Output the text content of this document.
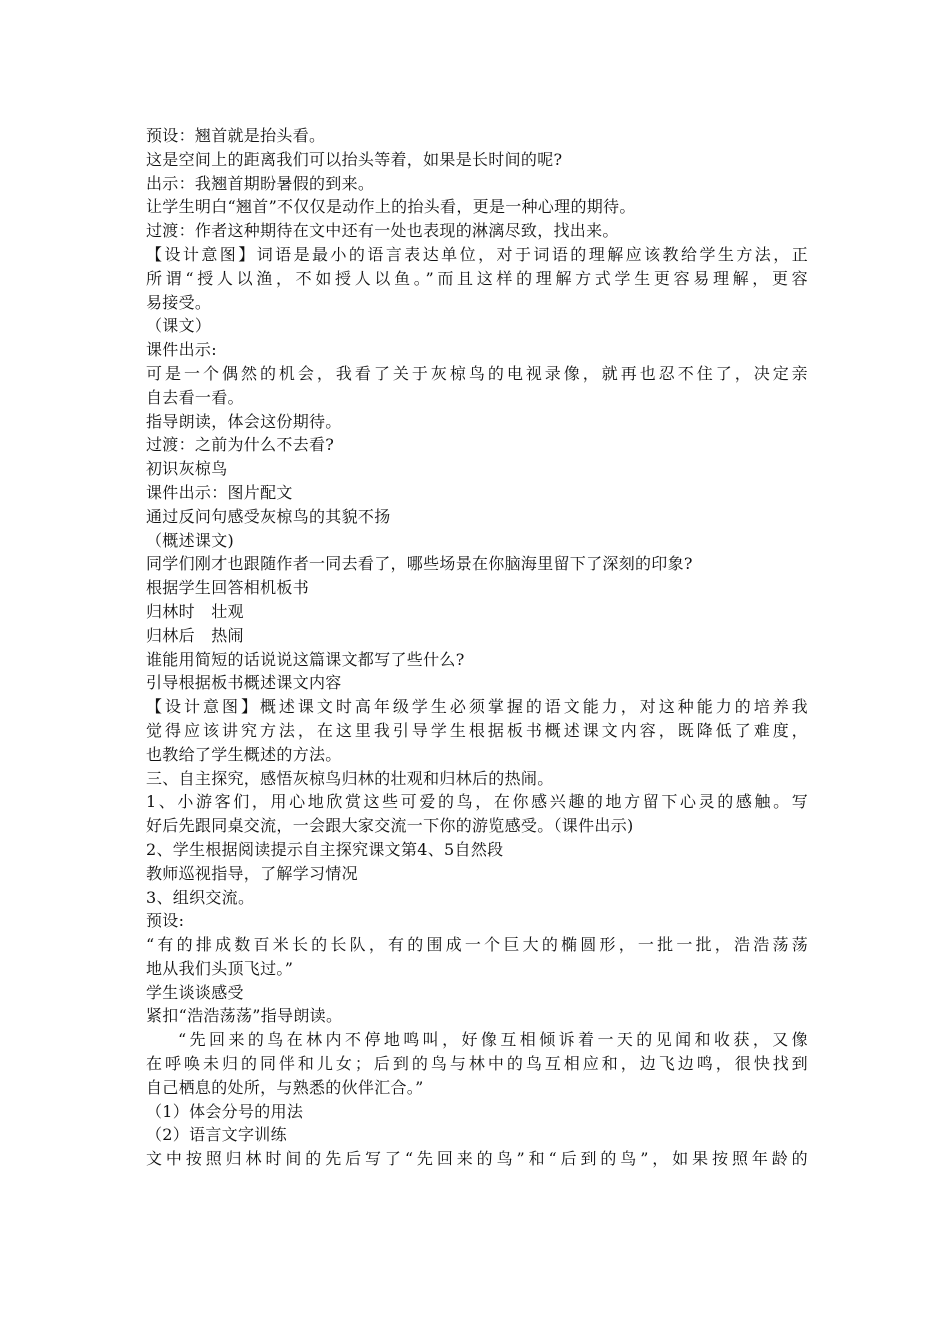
预设：翘首就是抬头看。
这是空间上的距离我们可以抬头等着，如果是长时间的呢?
出示：我翘首期盼暑假的到来。
让学生明白“翘首”不仅仅是动作上的抬头看，更是一种心理的期待。
过渡：作者这种期待在文中还有一处也表现的淋漓尽致，找出来。
【设计意图】词语是最小的语言表达单位，对于词语的理解应该教给学生方法，正
所谓“授人以渔，不如授人以鱼。”而且这样的理解方式学生更容易理解，更容
易接受。
（课文）
课件出示:
可是一个偶然的机会，我看了关于灰椋鸟的电视录像，就再也忍不住了，决定亲
自去看一看。
指导朗读，体会这份期待。
过渡：之前为什么不去看?
初识灰椋鸟
课件出示：图片配文
通过反问句感受灰椋鸟的其貌不扬
（概述课文)
同学们刚才也跟随作者一同去看了，哪些场景在你脑海里留下了深刻的印象?
根据学生回答相机板书
归林时　壮观
归林后　热闹
谁能用简短的话说说这篇课文都写了些什么?
引导根据板书概述课文内容
【设计意图】概述课文时高年级学生必须掌握的语文能力，对这种能力的培养我
觉得应该讲究方法，在这里我引导学生根据板书概述课文内容，既降低了难度，
也教给了学生概述的方法。
三、自主探究，感悟灰椋鸟归林的壮观和归林后的热闹。
1、小游客们，用心地欣赏这些可爱的鸟，在你感兴趣的地方留下心灵的感触。写
好后先跟同桌交流，一会跟大家交流一下你的游览感受。（课件出示)
2、学生根据阅读提示自主探究课文第4、5自然段
教师巡视指导，了解学习情况
3、组织交流。
预设:
“有的排成数百米长的长队，有的围成一个巨大的椭圆形，一批一批，浩浩荡荡
地从我们头顶飞过。”
学生谈谈感受
紧扣“浩浩荡荡”指导朗读。
“先回来的鸟在林内不停地鸣叫，好像互相倾诉着一天的见闻和收获，又像
在呼唤未归的同伴和儿女；后到的鸟与林中的鸟互相应和，边飞边鸣，很快找到
自己栖息的处所，与熟悉的伙伴汇合。”
（1）体会分号的用法
（2）语言文字训练
文中按照归林时间的先后写了“先回来的鸟”和“后到的鸟”，如果按照年龄的
